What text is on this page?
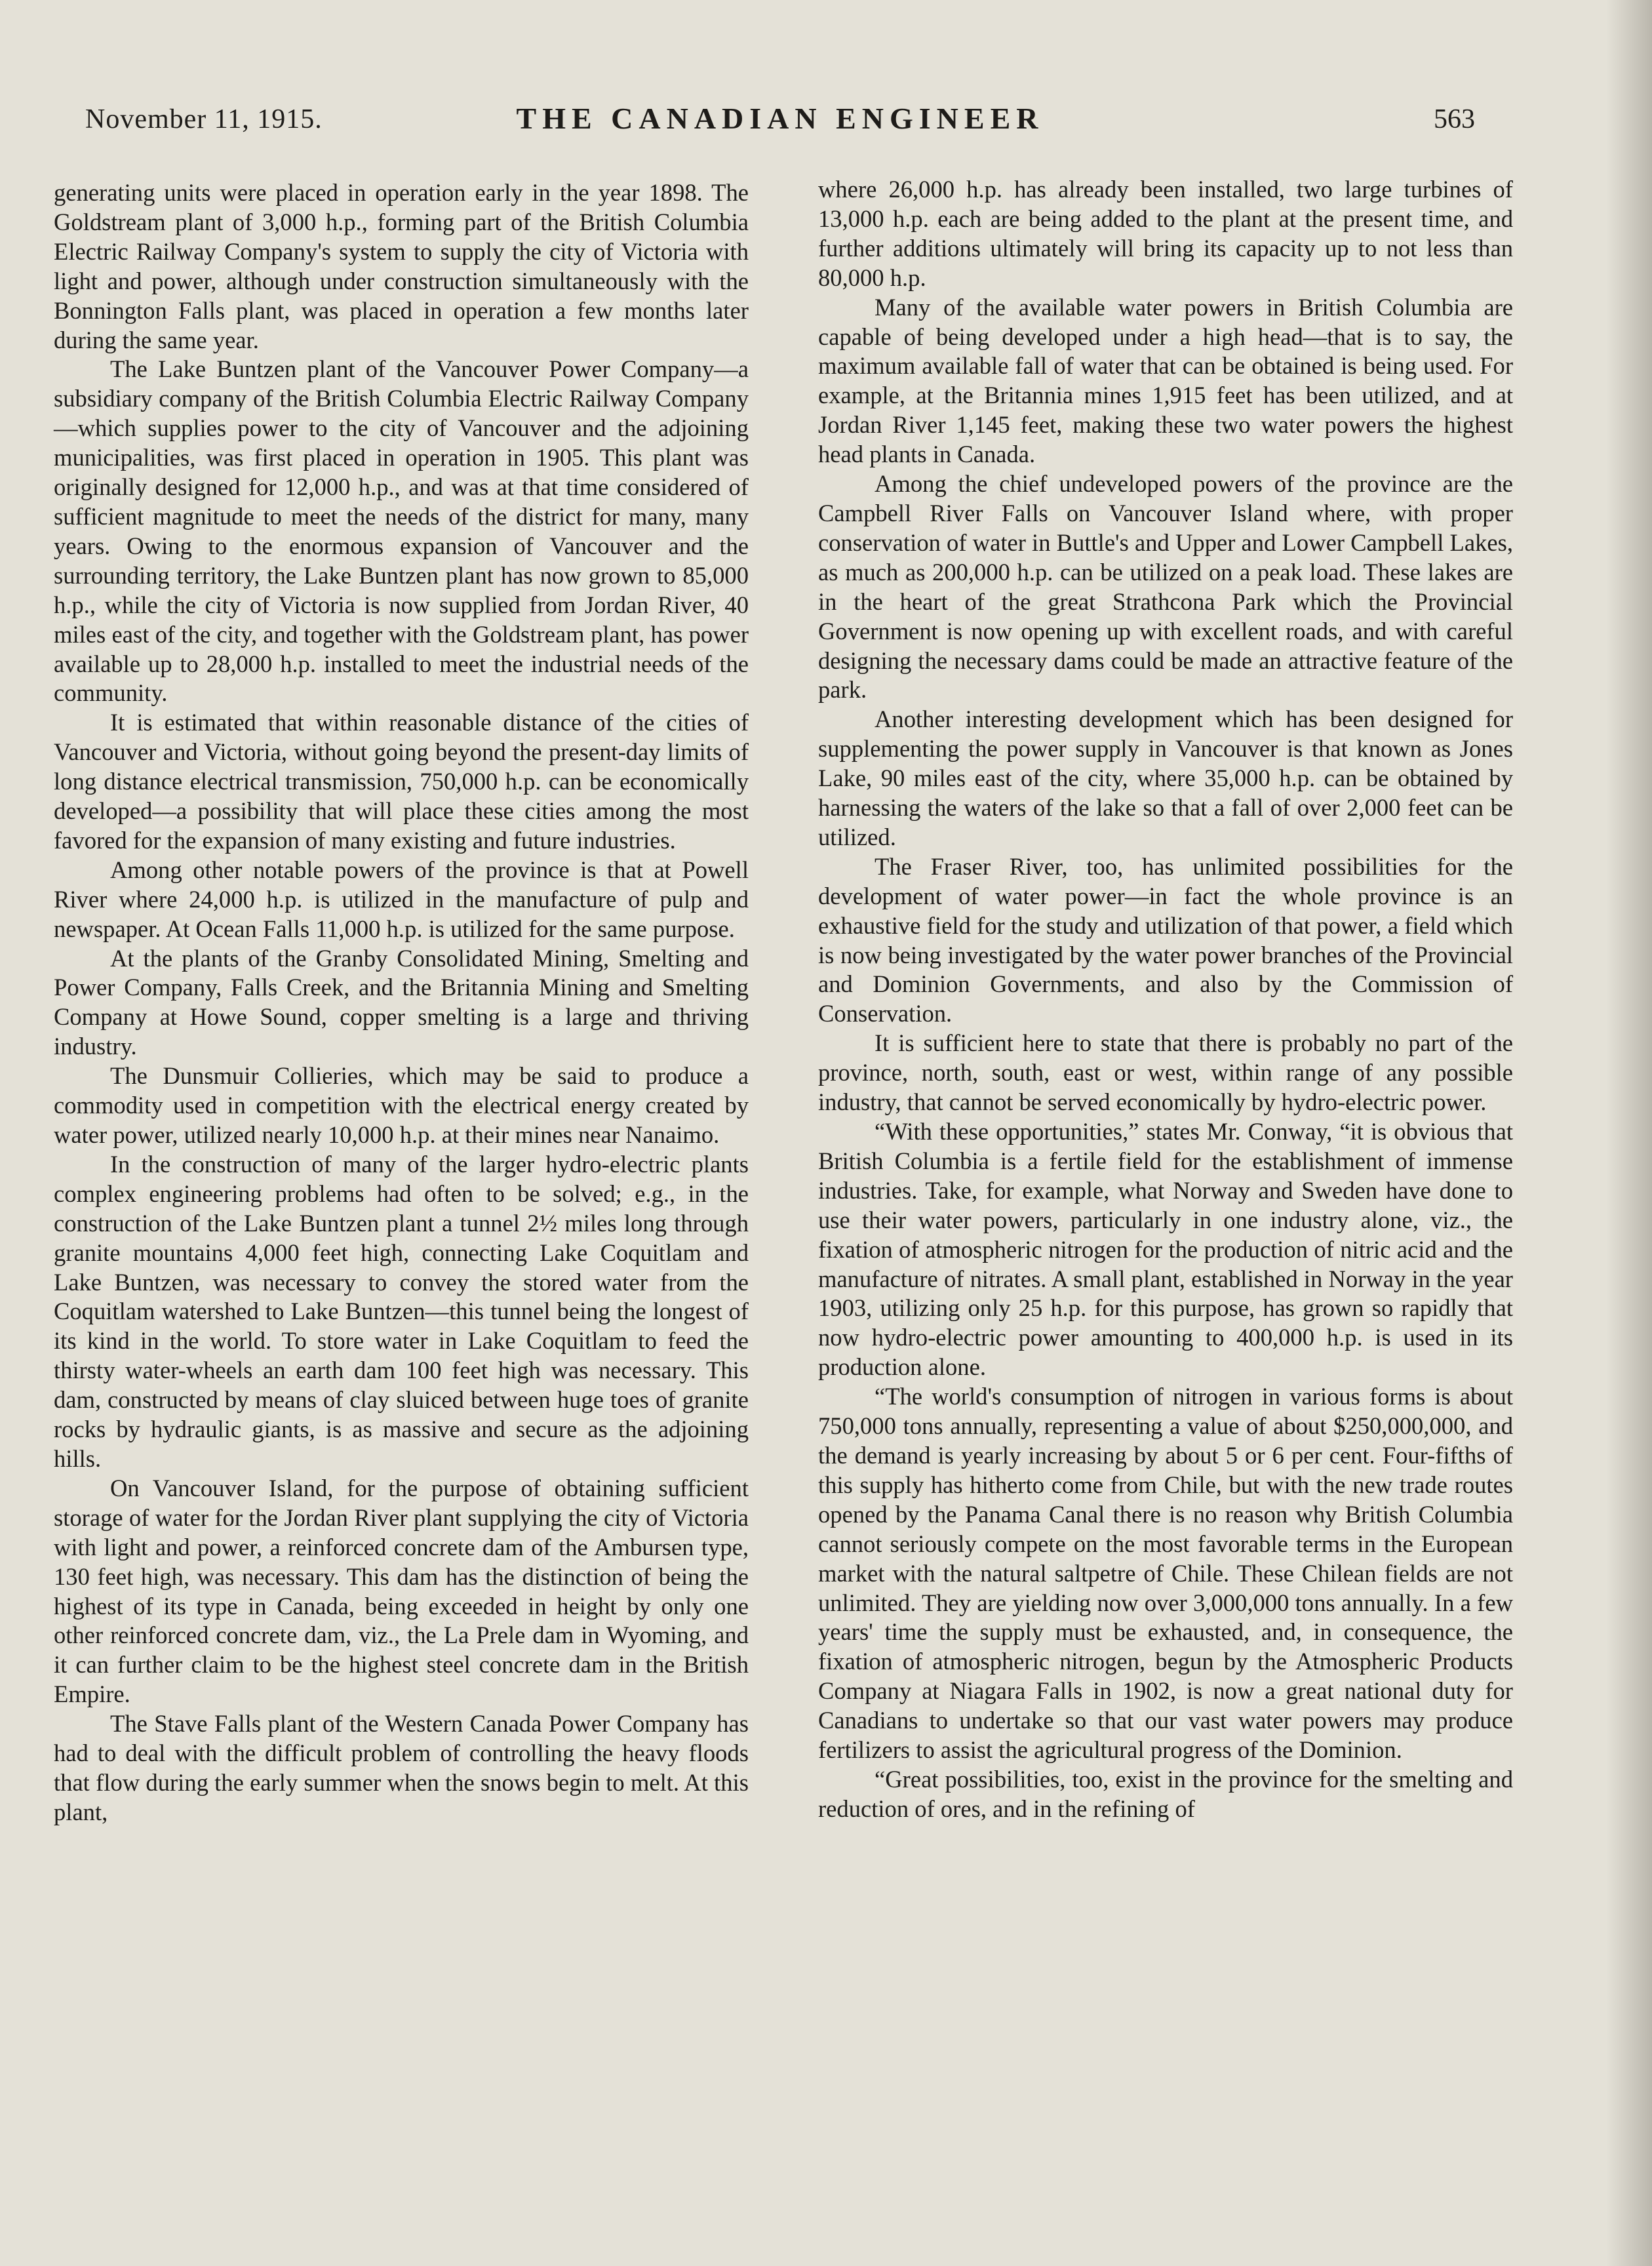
November 11, 1915.	THE CANADIAN ENGINEER	563

generating units were placed in operation early in the year 1898. The Goldstream plant of 3,000 h.p., forming part of the British Columbia Electric Railway Company's system to supply the city of Victoria with light and power, although under construction simultaneously with the Bonnington Falls plant, was placed in operation a few months later during the same year.

The Lake Buntzen plant of the Vancouver Power Company—a subsidiary company of the British Columbia Electric Railway Company—which supplies power to the city of Vancouver and the adjoining municipalities, was first placed in operation in 1905. This plant was originally designed for 12,000 h.p., and was at that time considered of sufficient magnitude to meet the needs of the district for many, many years. Owing to the enormous expansion of Vancouver and the surrounding territory, the Lake Buntzen plant has now grown to 85,000 h.p., while the city of Victoria is now supplied from Jordan River, 40 miles east of the city, and together with the Goldstream plant, has power available up to 28,000 h.p. installed to meet the industrial needs of the community.

It is estimated that within reasonable distance of the cities of Vancouver and Victoria, without going beyond the present-day limits of long distance electrical transmission, 750,000 h.p. can be economically developed—a possibility that will place these cities among the most favored for the expansion of many existing and future industries.

Among other notable powers of the province is that at Powell River where 24,000 h.p. is utilized in the manufacture of pulp and newspaper. At Ocean Falls 11,000 h.p. is utilized for the same purpose.

At the plants of the Granby Consolidated Mining, Smelting and Power Company, Falls Creek, and the Britannia Mining and Smelting Company at Howe Sound, copper smelting is a large and thriving industry.

The Dunsmuir Collieries, which may be said to produce a commodity used in competition with the electrical energy created by water power, utilized nearly 10,000 h.p. at their mines near Nanaimo.

In the construction of many of the larger hydro-electric plants complex engineering problems had often to be solved; e.g., in the construction of the Lake Buntzen plant a tunnel 2½ miles long through granite mountains 4,000 feet high, connecting Lake Coquitlam and Lake Buntzen, was necessary to convey the stored water from the Coquitlam watershed to Lake Buntzen—this tunnel being the longest of its kind in the world. To store water in Lake Coquitlam to feed the thirsty water-wheels an earth dam 100 feet high was necessary. This dam, constructed by means of clay sluiced between huge toes of granite rocks by hydraulic giants, is as massive and secure as the adjoining hills.

On Vancouver Island, for the purpose of obtaining sufficient storage of water for the Jordan River plant supplying the city of Victoria with light and power, a reinforced concrete dam of the Ambursen type, 130 feet high, was necessary. This dam has the distinction of being the highest of its type in Canada, being exceeded in height by only one other reinforced concrete dam, viz., the La Prele dam in Wyoming, and it can further claim to be the highest steel concrete dam in the British Empire.

The Stave Falls plant of the Western Canada Power Company has had to deal with the difficult problem of controlling the heavy floods that flow during the early summer when the snows begin to melt. At this plant,

where 26,000 h.p. has already been installed, two large turbines of 13,000 h.p. each are being added to the plant at the present time, and further additions ultimately will bring its capacity up to not less than 80,000 h.p.

Many of the available water powers in British Columbia are capable of being developed under a high head—that is to say, the maximum available fall of water that can be obtained is being used. For example, at the Britannia mines 1,915 feet has been utilized, and at Jordan River 1,145 feet, making these two water powers the highest head plants in Canada.

Among the chief undeveloped powers of the province are the Campbell River Falls on Vancouver Island where, with proper conservation of water in Buttle's and Upper and Lower Campbell Lakes, as much as 200,000 h.p. can be utilized on a peak load. These lakes are in the heart of the great Strathcona Park which the Provincial Government is now opening up with excellent roads, and with careful designing the necessary dams could be made an attractive feature of the park.

Another interesting development which has been designed for supplementing the power supply in Vancouver is that known as Jones Lake, 90 miles east of the city, where 35,000 h.p. can be obtained by harnessing the waters of the lake so that a fall of over 2,000 feet can be utilized.

The Fraser River, too, has unlimited possibilities for the development of water power—in fact the whole province is an exhaustive field for the study and utilization of that power, a field which is now being investigated by the water power branches of the Provincial and Dominion Governments, and also by the Commission of Conservation.

It is sufficient here to state that there is probably no part of the province, north, south, east or west, within range of any possible industry, that cannot be served economically by hydro-electric power.

“With these opportunities,” states Mr. Conway, “it is obvious that British Columbia is a fertile field for the establishment of immense industries. Take, for example, what Norway and Sweden have done to use their water powers, particularly in one industry alone, viz., the fixation of atmospheric nitrogen for the production of nitric acid and the manufacture of nitrates. A small plant, established in Norway in the year 1903, utilizing only 25 h.p. for this purpose, has grown so rapidly that now hydro-electric power amounting to 400,000 h.p. is used in its production alone.

“The world's consumption of nitrogen in various forms is about 750,000 tons annually, representing a value of about $250,000,000, and the demand is yearly increasing by about 5 or 6 per cent. Four-fifths of this supply has hitherto come from Chile, but with the new trade routes opened by the Panama Canal there is no reason why British Columbia cannot seriously compete on the most favorable terms in the European market with the natural saltpetre of Chile. These Chilean fields are not unlimited. They are yielding now over 3,000,000 tons annually. In a few years' time the supply must be exhausted, and, in consequence, the fixation of atmospheric nitrogen, begun by the Atmospheric Products Company at Niagara Falls in 1902, is now a great national duty for Canadians to undertake so that our vast water powers may produce fertilizers to assist the agricultural progress of the Dominion.

“Great possibilities, too, exist in the province for the smelting and reduction of ores, and in the refining of
